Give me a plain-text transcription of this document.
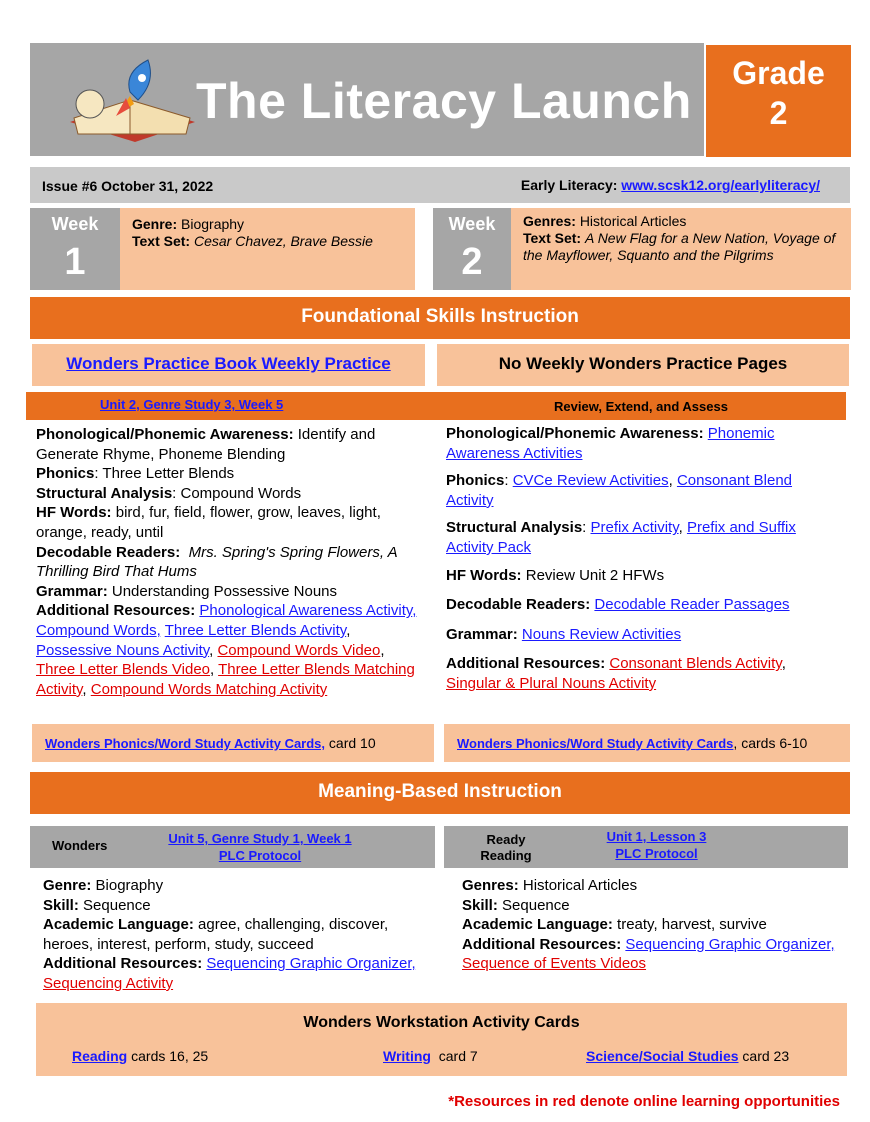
The Literacy Launch	Grade
2
Issue #6 October 31, 2022	Early Literacy: www.scsk12.org/earlyliteracy/
Week
1
Genre: Biography
Text Set: Cesar Chavez, Brave Bessie
Week
2
Genres: Historical Articles
Text Set: A New Flag for a New Nation, Voyage of the Mayflower, Squanto and the Pilgrims
Foundational Skills Instruction
Wonders Practice Book Weekly Practice	No Weekly Wonders Practice Pages
Unit 2, Genre Study 3, Week 5	Review, Extend, and Assess
Phonological/Phonemic Awareness: Identify and Generate Rhyme, Phoneme Blending
Phonics: Three Letter Blends
Structural Analysis: Compound Words
HF Words: bird, fur, field, flower, grow, leaves, light, orange, ready, until
Decodable Readers: Mrs. Spring's Spring Flowers, A Thrilling Bird That Hums
Grammar: Understanding Possessive Nouns
Additional Resources: Phonological Awareness Activity, Compound Words, Three Letter Blends Activity, Possessive Nouns Activity, Compound Words Video, Three Letter Blends Video, Three Letter Blends Matching Activity, Compound Words Matching Activity
Phonological/Phonemic Awareness: Phonemic Awareness Activities
Phonics: CVCe Review Activities, Consonant Blend Activity
Structural Analysis: Prefix Activity, Prefix and Suffix Activity Pack
HF Words: Review Unit 2 HFWs
Decodable Readers: Decodable Reader Passages
Grammar: Nouns Review Activities
Additional Resources: Consonant Blends Activity, Singular & Plural Nouns Activity
Wonders Phonics/Word Study Activity Cards, card 10	Wonders Phonics/Word Study Activity Cards, cards 6-10
Meaning-Based Instruction
Wonders	Unit 5, Genre Study 1, Week 1
PLC Protocol
Ready
Reading
Unit 1, Lesson 3
PLC Protocol
Genre: Biography
Skill: Sequence
Academic Language: agree, challenging, discover, heroes, interest, perform, study, succeed
Additional Resources: Sequencing Graphic Organizer, Sequencing Activity
Genres: Historical Articles
Skill: Sequence
Academic Language: treaty, harvest, survive
Additional Resources: Sequencing Graphic Organizer, Sequence of Events Videos
Wonders Workstation Activity Cards
Reading cards 16, 25	Writing card 7	Science/Social Studies card 23
*Resources in red denote online learning opportunities
